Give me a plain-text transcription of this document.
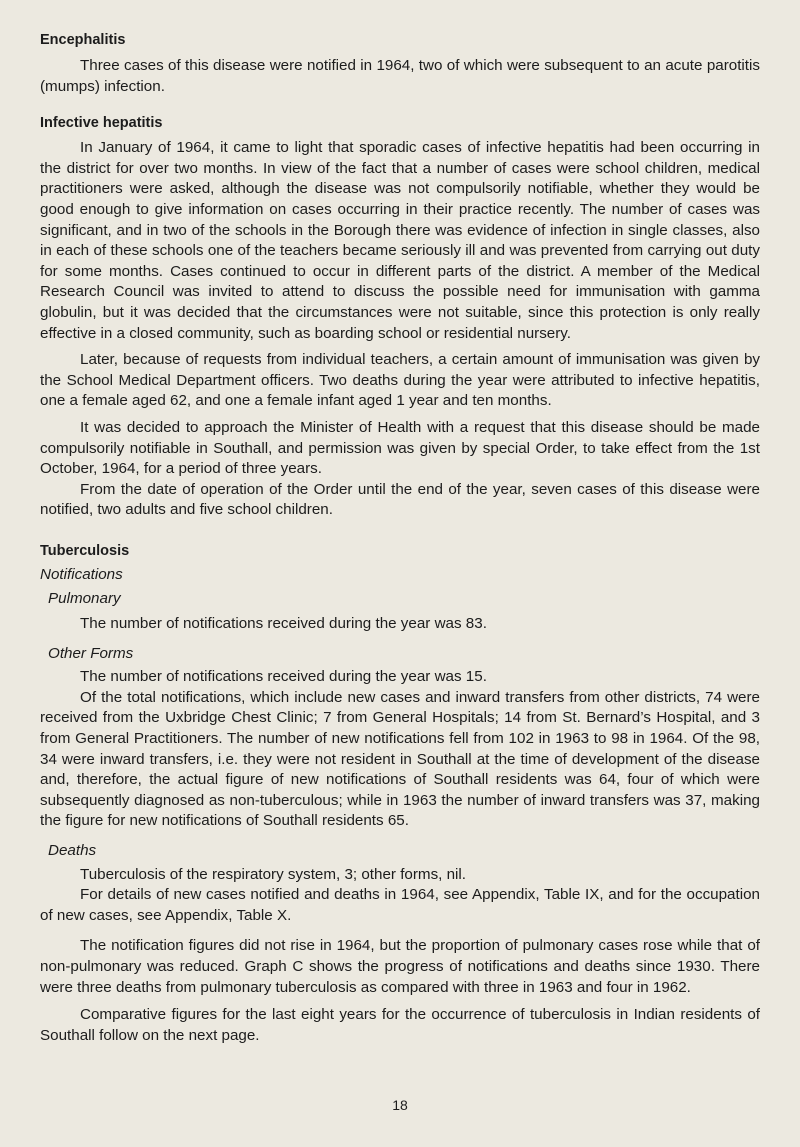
Encephalitis

Three cases of this disease were notified in 1964, two of which were subsequent to an acute parotitis (mumps) infection.

Infective hepatitis

In January of 1964, it came to light that sporadic cases of infective hepatitis had been occurring in the district for over two months. In view of the fact that a number of cases were school children, medical practitioners were asked, although the disease was not compulsorily notifiable, whether they would be good enough to give information on cases occurring in their practice recently. The number of cases was significant, and in two of the schools in the Borough there was evidence of infection in single classes, also in each of these schools one of the teachers became seriously ill and was prevented from carrying out duty for some months. Cases continued to occur in different parts of the district. A member of the Medical Research Council was invited to attend to discuss the possible need for immunisation with gamma globulin, but it was decided that the circumstances were not suitable, since this protection is only really effective in a closed community, such as boarding school or residential nursery.

Later, because of requests from individual teachers, a certain amount of immunisation was given by the School Medical Department officers. Two deaths during the year were attributed to infective hepatitis, one a female aged 62, and one a female infant aged 1 year and ten months.

It was decided to approach the Minister of Health with a request that this disease should be made compulsorily notifiable in Southall, and permission was given by special Order, to take effect from the 1st October, 1964, for a period of three years.

From the date of operation of the Order until the end of the year, seven cases of this disease were notified, two adults and five school children.

Tuberculosis

Notifications

Pulmonary

The number of notifications received during the year was 83.

Other Forms

The number of notifications received during the year was 15.

Of the total notifications, which include new cases and inward transfers from other districts, 74 were received from the Uxbridge Chest Clinic; 7 from General Hospitals; 14 from St. Bernard’s Hospital, and 3 from General Practitioners. The number of new notifications fell from 102 in 1963 to 98 in 1964. Of the 98, 34 were inward transfers, i.e. they were not resident in Southall at the time of development of the disease and, therefore, the actual figure of new notifications of Southall residents was 64, four of which were subsequently diagnosed as non-tuberculous; while in 1963 the number of inward transfers was 37, making the figure for new notifications of Southall residents 65.

Deaths

Tuberculosis of the respiratory system, 3; other forms, nil.

For details of new cases notified and deaths in 1964, see Appendix, Table IX, and for the occupation of new cases, see Appendix, Table X.

The notification figures did not rise in 1964, but the proportion of pulmonary cases rose while that of non-pulmonary was reduced. Graph C shows the progress of notifications and deaths since 1930. There were three deaths from pulmonary tuberculosis as compared with three in 1963 and four in 1962.

Comparative figures for the last eight years for the occurrence of tuberculosis in Indian residents of Southall follow on the next page.

18
